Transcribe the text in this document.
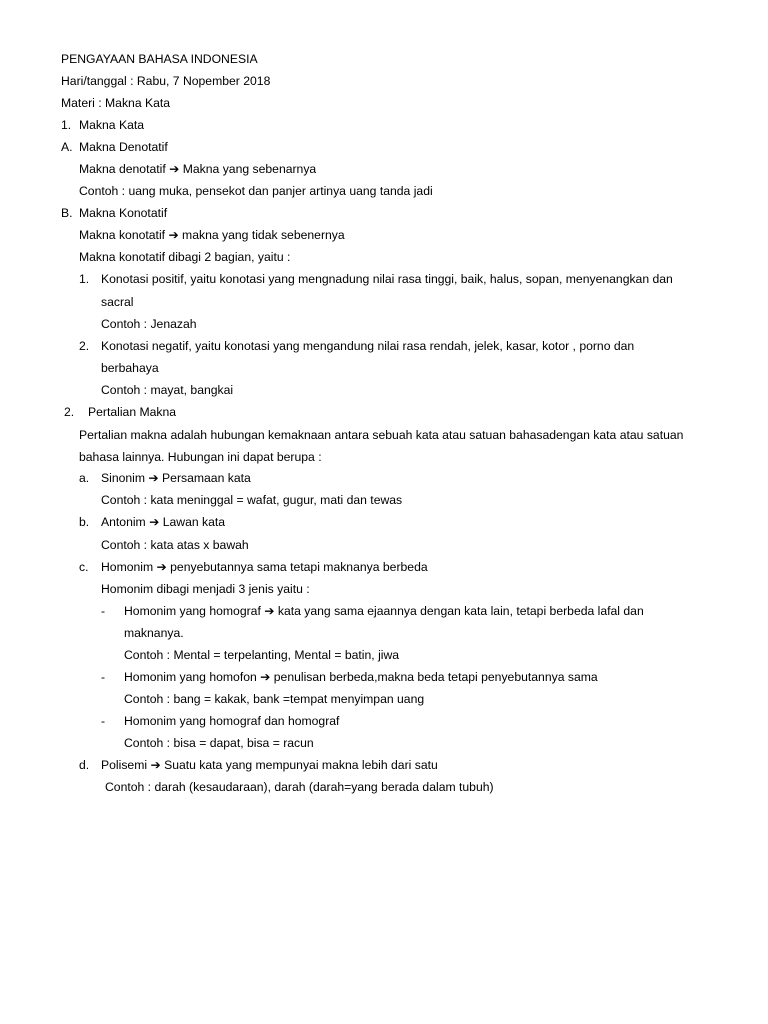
PENGAYAAN BAHASA INDONESIA
Hari/tanggal : Rabu, 7 Nopember 2018
Materi : Makna Kata
1. Makna Kata
A. Makna Denotatif
Makna denotatif ➔ Makna yang sebenarnya
Contoh : uang muka, pensekot dan panjer artinya uang tanda jadi
B. Makna Konotatif
Makna konotatif ➔ makna yang tidak sebenernya
Makna konotatif dibagi 2 bagian, yaitu :
1. Konotasi positif, yaitu konotasi yang mengnadung nilai rasa tinggi, baik, halus, sopan, menyenangkan dan
sacral
Contoh : Jenazah
2. Konotasi negatif, yaitu konotasi yang mengandung nilai rasa rendah, jelek, kasar, kotor , porno dan
berbahaya
Contoh : mayat, bangkai
2. Pertalian Makna
Pertalian makna adalah hubungan kemaknaan antara sebuah kata atau satuan bahasadengan kata atau satuan
bahasa lainnya. Hubungan ini dapat berupa :
a. Sinonim ➔ Persamaan kata
Contoh : kata meninggal = wafat, gugur, mati dan tewas
b. Antonim ➔ Lawan kata
Contoh : kata atas x bawah
c. Homonim ➔ penyebutannya sama tetapi maknanya berbeda
Homonim dibagi menjadi 3 jenis yaitu :
- Homonim yang homograf ➔ kata yang sama ejaannya dengan kata lain, tetapi berbeda lafal dan
maknanya.
Contoh : Mental = terpelanting, Mental = batin, jiwa
- Homonim yang homofon ➔ penulisan berbeda,makna beda tetapi penyebutannya sama
Contoh : bang = kakak, bank =tempat menyimpan uang
- Homonim yang homograf dan homograf
Contoh : bisa = dapat, bisa = racun
d. Polisemi ➔ Suatu kata yang mempunyai makna lebih dari satu
Contoh : darah (kesaudaraan), darah (darah=yang berada dalam tubuh)
